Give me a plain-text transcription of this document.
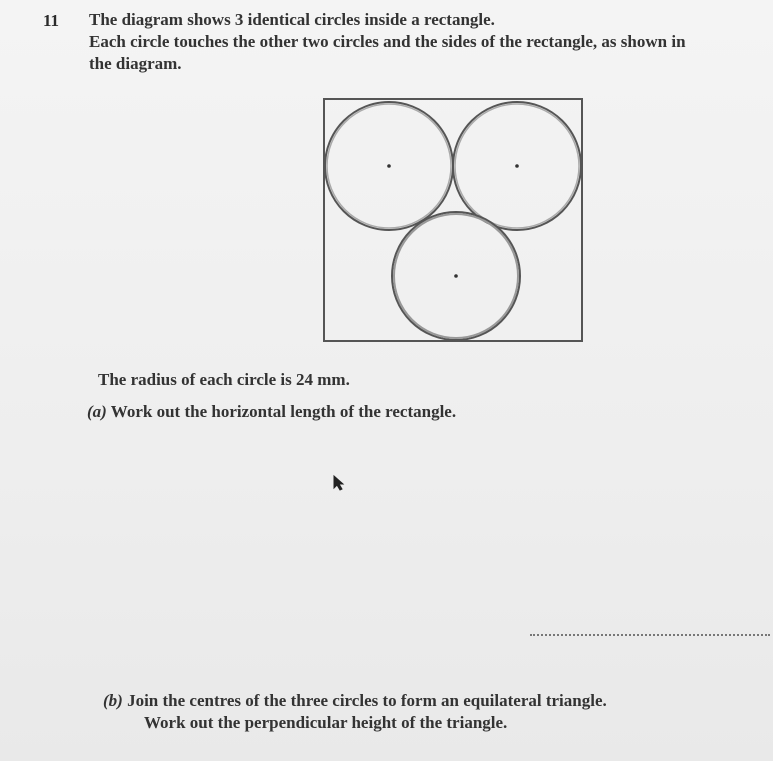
11 The diagram shows 3 identical circles inside a rectangle.
Each circle touches the other two circles and the sides of the rectangle, as shown in
the diagram.
The radius of each circle is 24 mm.
(a) Work out the horizontal length of the rectangle.
(b) Join the centres of the three circles to form an equilateral triangle.
Work out the perpendicular height of the triangle.
